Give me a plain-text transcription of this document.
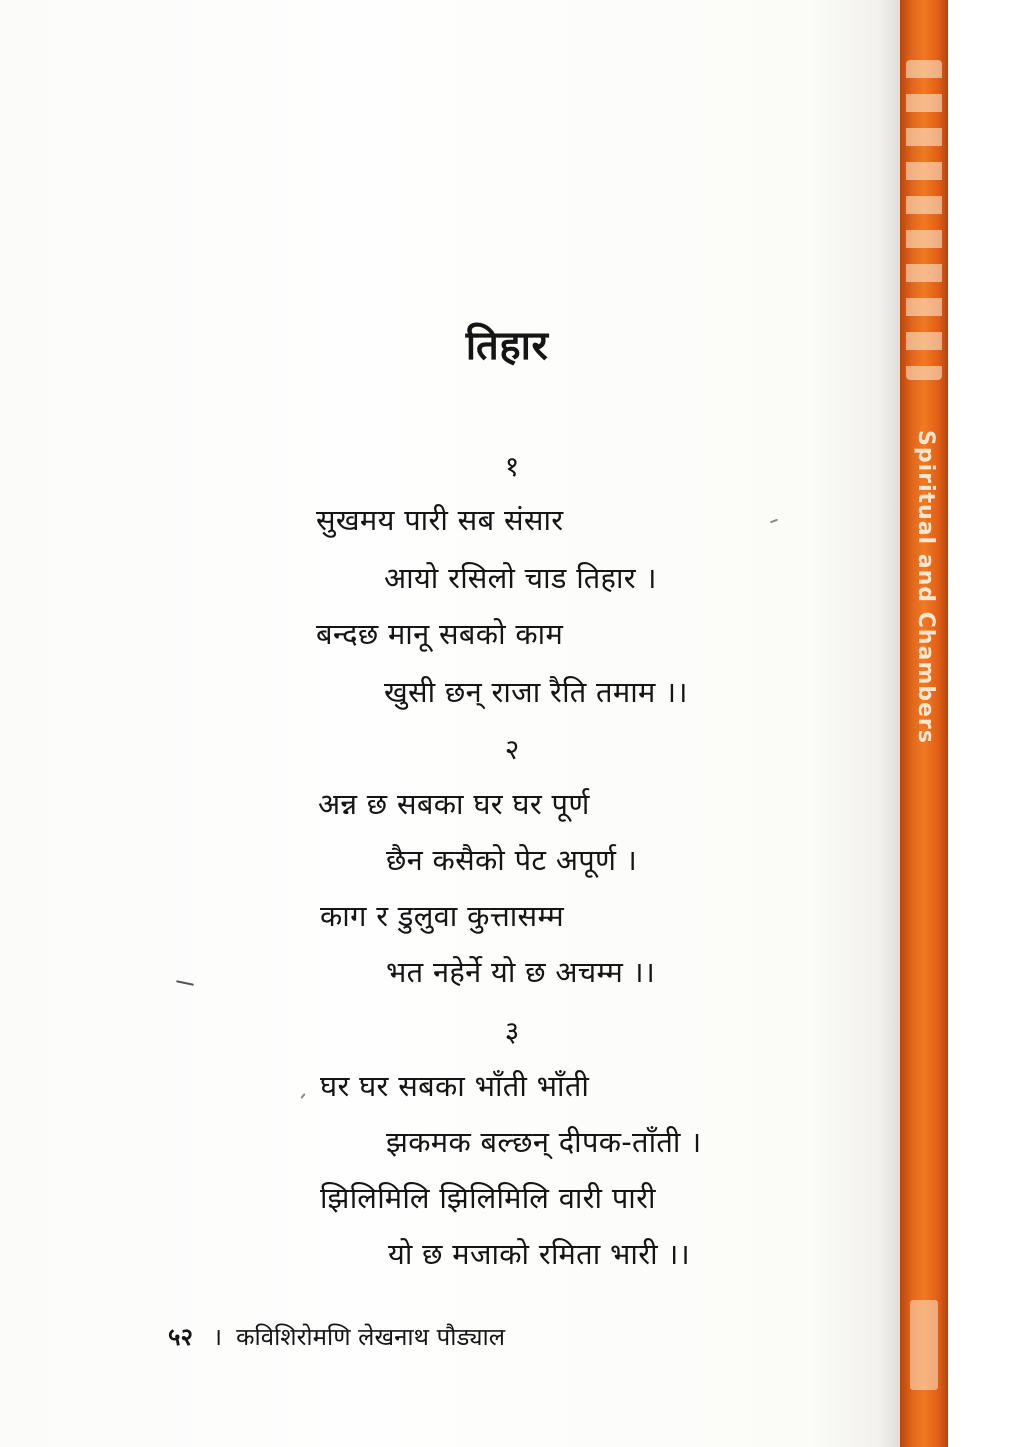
Spiritual and Chambers
तिहार
१
सुखमय पारी सब संसार
आयो रसिलो चाड तिहार ।
बन्दछ मानू सबको काम
खुसी छन् राजा रैति तमाम ।।
२
अन्न छ सबका घर घर पूर्ण
छैन कसैको पेट अपूर्ण ।
काग र डुलुवा कुत्तासम्म
भत नहेर्ने यो छ अचम्म ।।
३
घर घर सबका भाँती भाँती
झकमक बल्छन् दीपक-ताँती ।
झिलिमिलि झिलिमिलि वारी पारी
यो छ मजाको रमिता भारी ।।
५२ । कविशिरोमणि लेखनाथ पौड्याल
